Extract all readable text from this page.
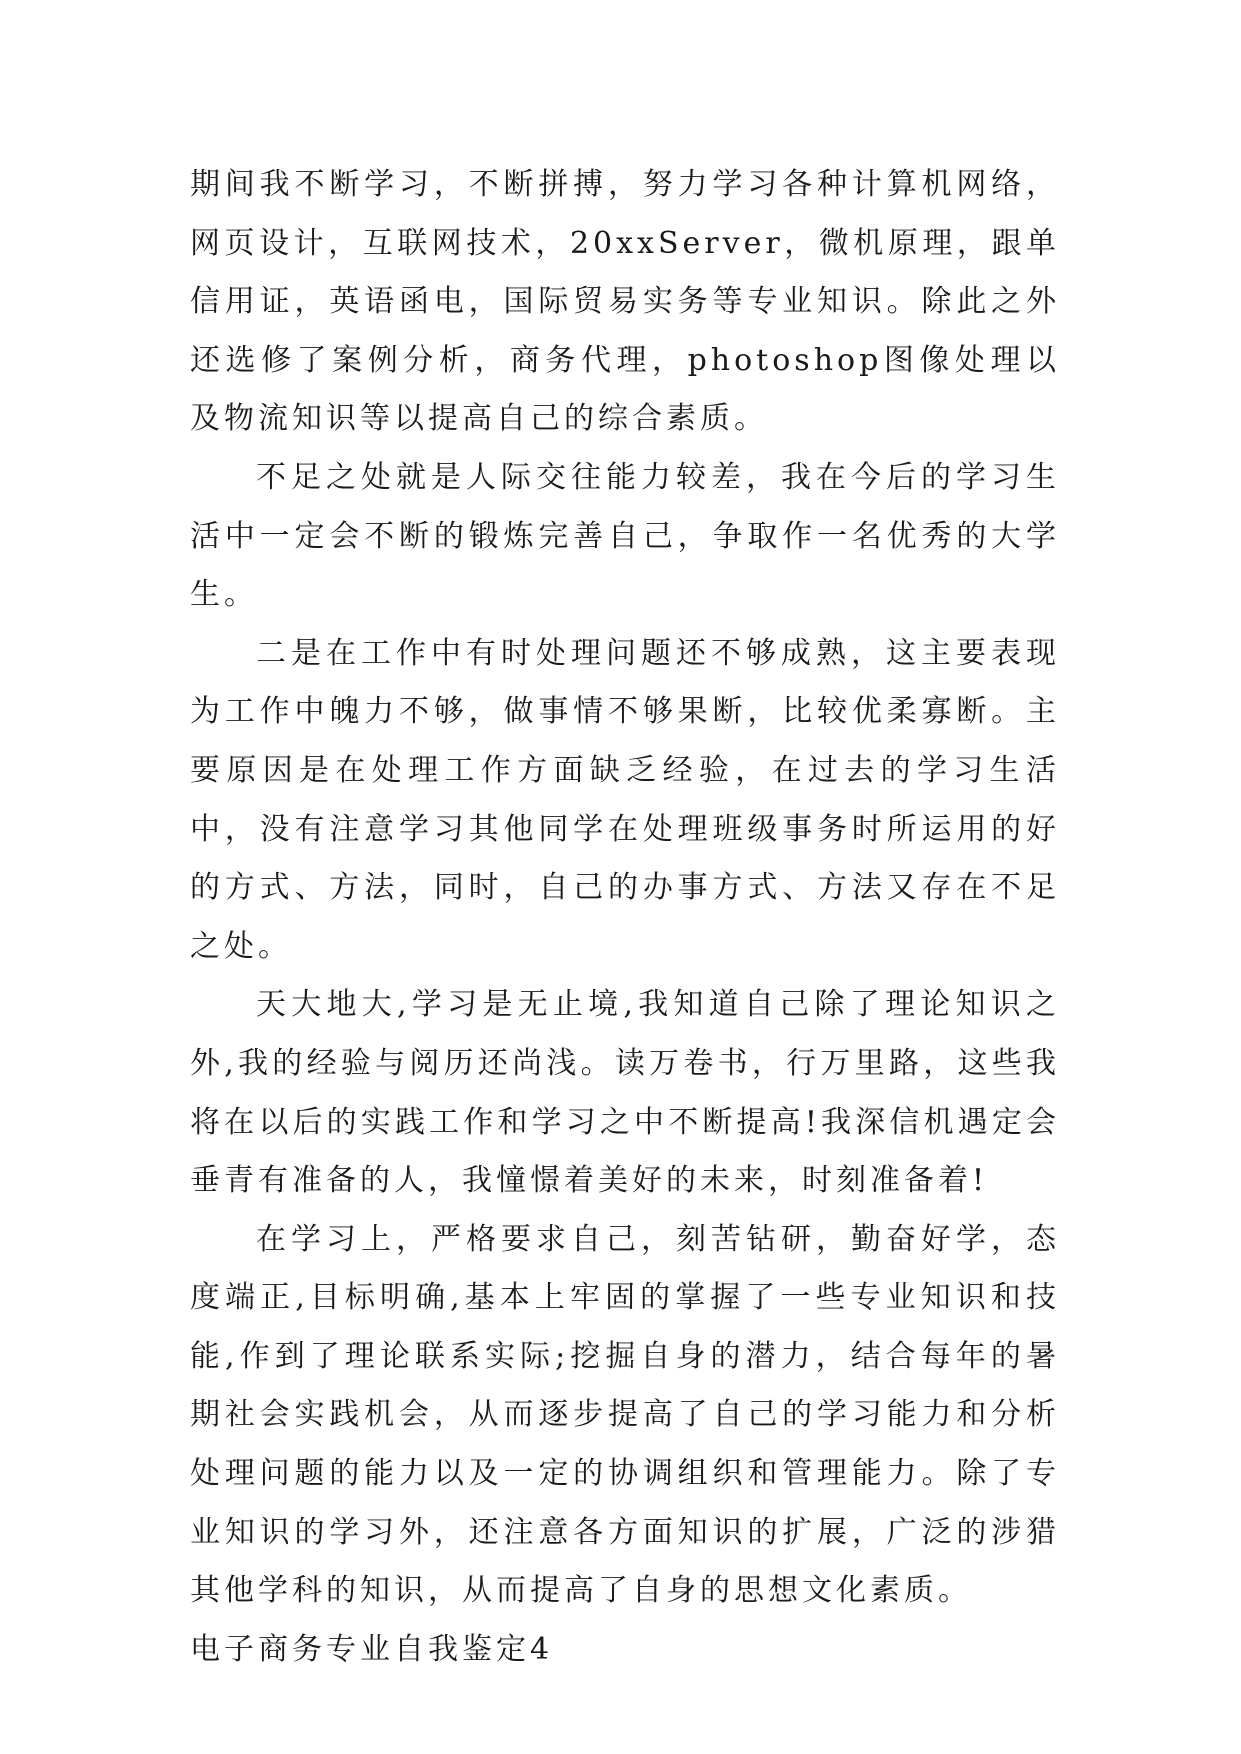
期间我不断学习，不断拼搏，努力学习各种计算机网络，网页设计，互联网技术，20xxServer，微机原理，跟单信用证，英语函电，国际贸易实务等专业知识。除此之外还选修了案例分析，商务代理，photoshop图像处理以及物流知识等以提高自己的综合素质。

不足之处就是人际交往能力较差，我在今后的学习生活中一定会不断的锻炼完善自己，争取作一名优秀的大学生。

二是在工作中有时处理问题还不够成熟，这主要表现为工作中魄力不够，做事情不够果断，比较优柔寡断。主要原因是在处理工作方面缺乏经验，在过去的学习生活中，没有注意学习其他同学在处理班级事务时所运用的好的方式、方法，同时，自己的办事方式、方法又存在不足之处。

天大地大,学习是无止境,我知道自己除了理论知识之外,我的经验与阅历还尚浅。读万卷书，行万里路，这些我将在以后的实践工作和学习之中不断提高!我深信机遇定会垂青有准备的人，我憧憬着美好的未来，时刻准备着!

在学习上，严格要求自己，刻苦钻研，勤奋好学，态度端正,目标明确,基本上牢固的掌握了一些专业知识和技能,作到了理论联系实际;挖掘自身的潜力，结合每年的暑期社会实践机会，从而逐步提高了自己的学习能力和分析处理问题的能力以及一定的协调组织和管理能力。除了专业知识的学习外，还注意各方面知识的扩展，广泛的涉猎其他学科的知识，从而提高了自身的思想文化素质。

电子商务专业自我鉴定4
